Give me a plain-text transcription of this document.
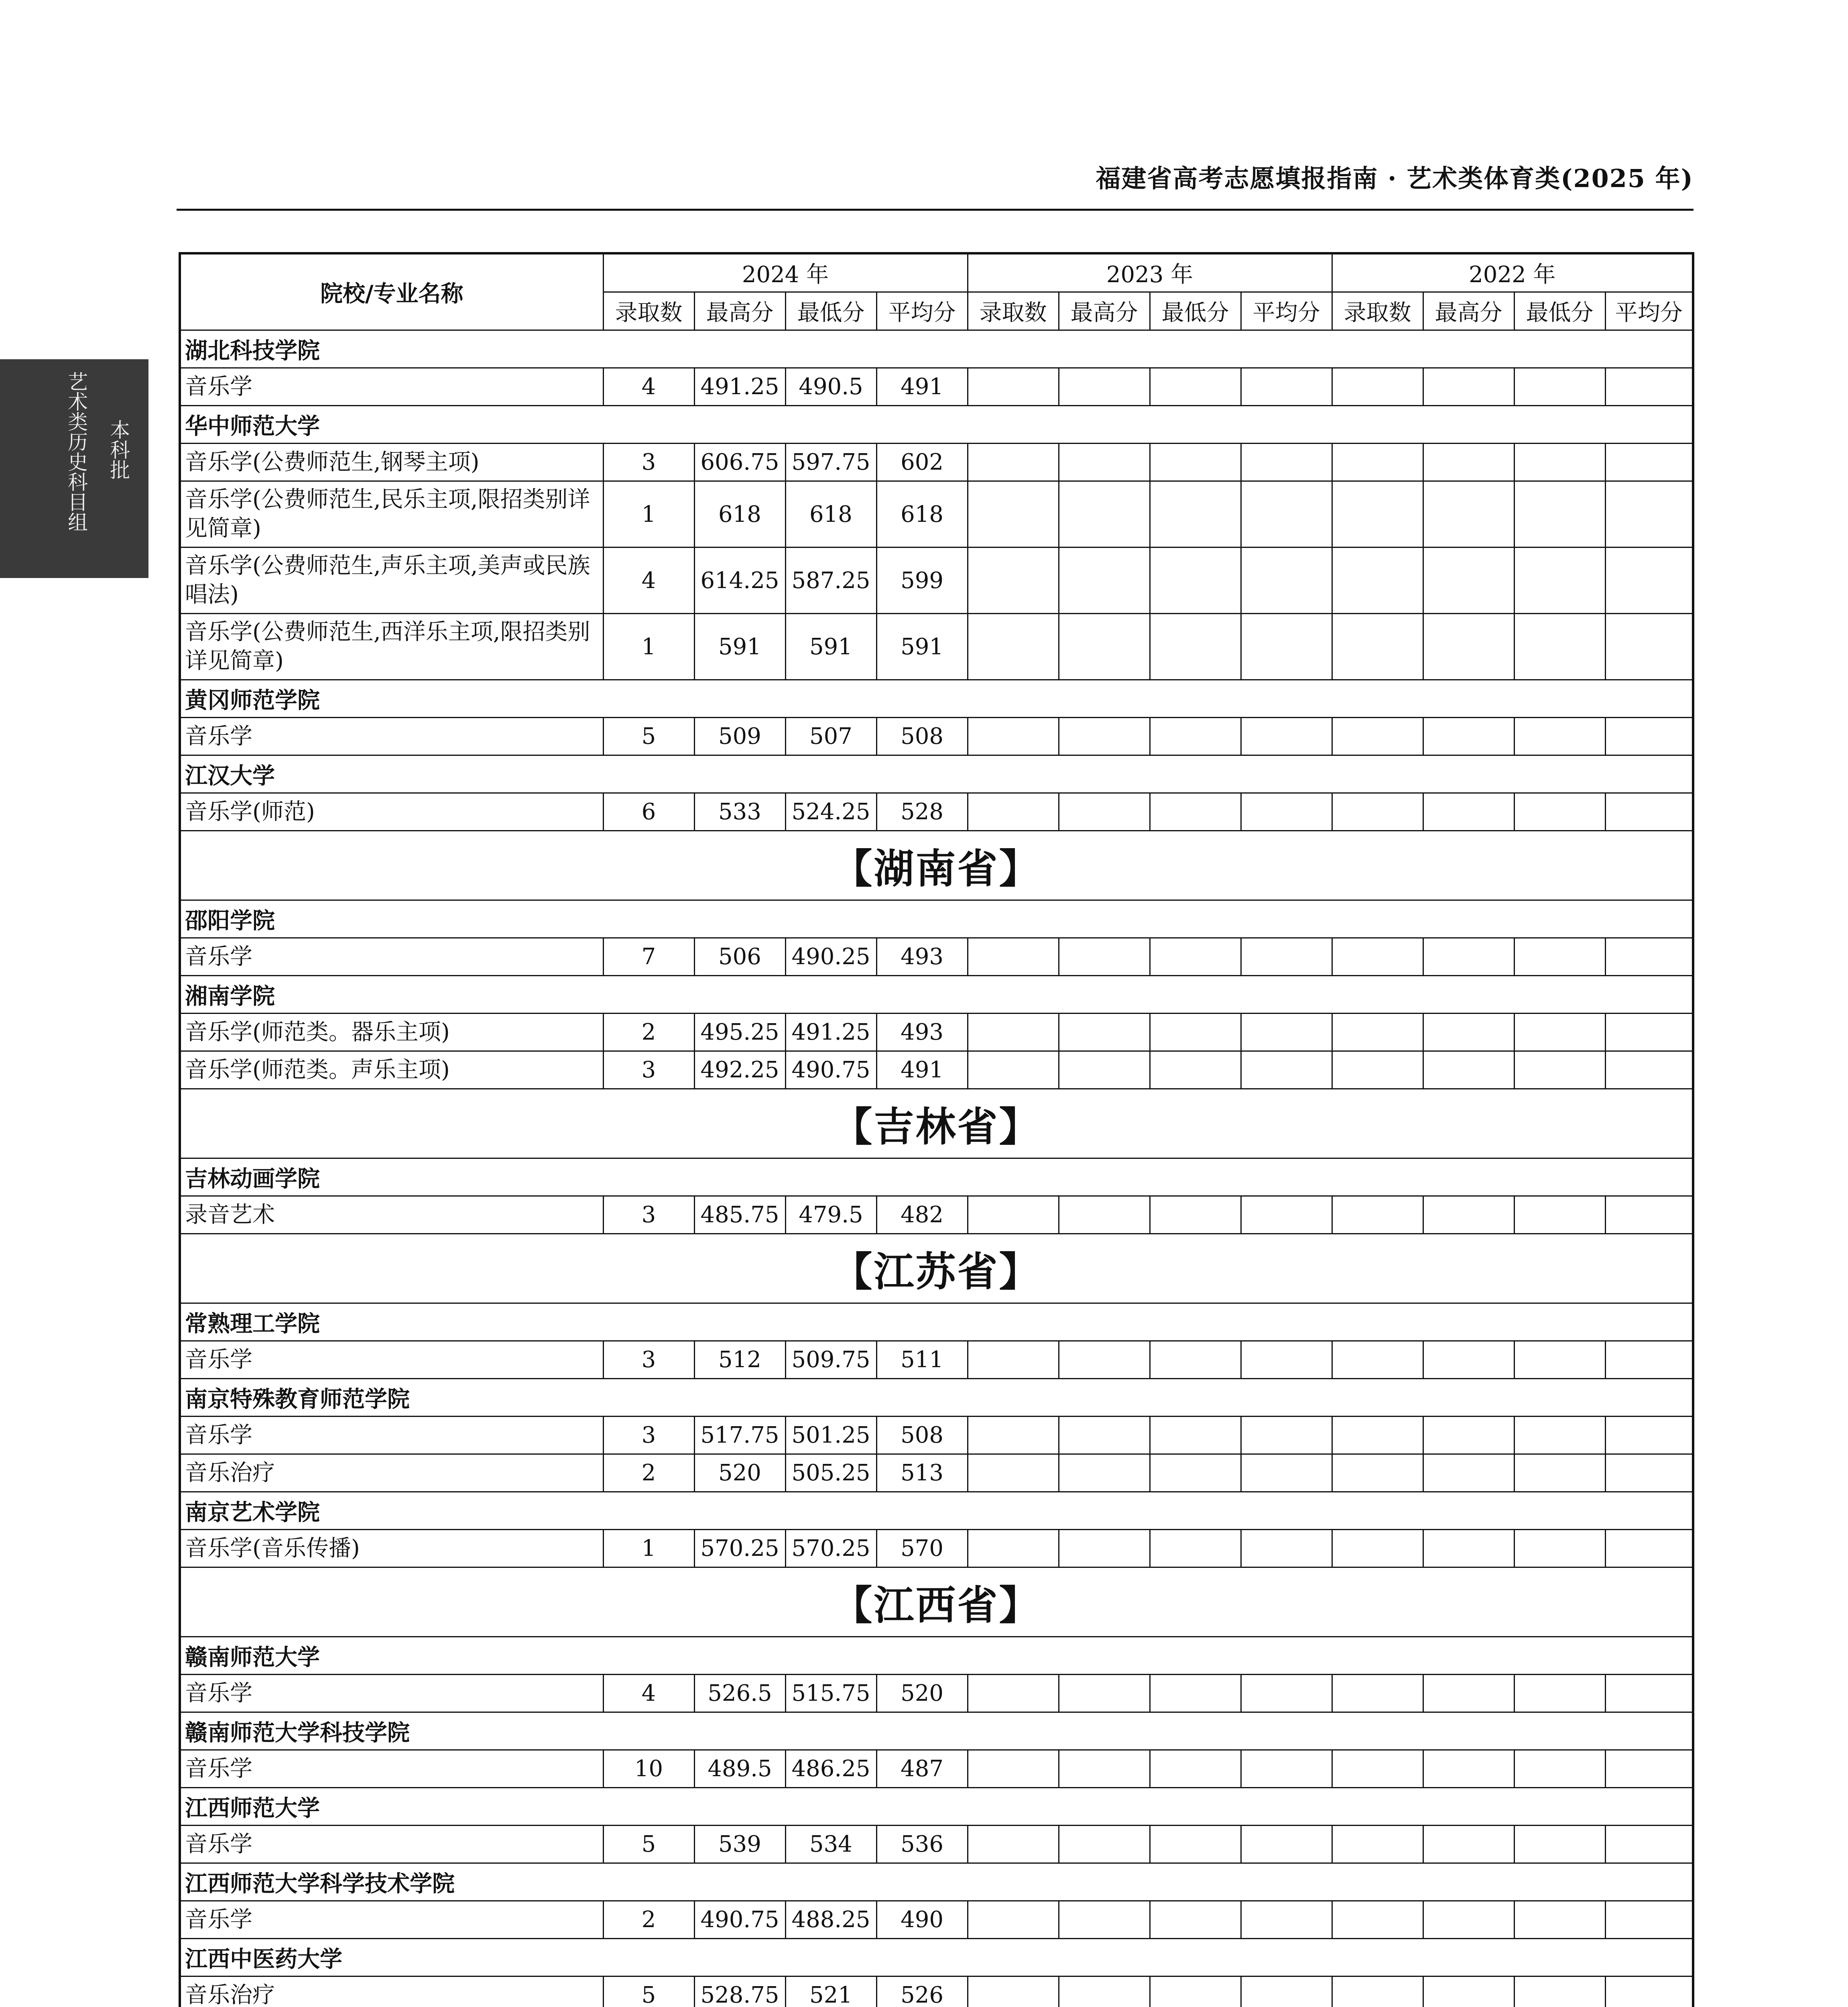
福建省高考志愿填报指南 · 艺术类体育类(2025 年)
艺术类历史科目组 本科批
院校/专业名称	2024 年				2023 年				2022 年			
	录取数	最高分	最低分	平均分	录取数	最高分	最低分	平均分	录取数	最高分	最低分	平均分
湖北科技学院												
音乐学	4	491.25	490.5	491								
华中师范大学												
音乐学(公费师范生,钢琴主项)	3	606.75	597.75	602								
音乐学(公费师范生,民乐主项,限招类别详见简章)	1	618	618	618								
音乐学(公费师范生,声乐主项,美声或民族唱法)	4	614.25	587.25	599								
音乐学(公费师范生,西洋乐主项,限招类别详见简章)	1	591	591	591								
黄冈师范学院												
音乐学	5	509	507	508								
江汉大学												
音乐学(师范)	6	533	524.25	528								
【湖南省】												
邵阳学院												
音乐学	7	506	490.25	493								
湘南学院												
音乐学(师范类。器乐主项)	2	495.25	491.25	493								
音乐学(师范类。声乐主项)	3	492.25	490.75	491								
【吉林省】												
吉林动画学院												
录音艺术	3	485.75	479.5	482								
【江苏省】												
常熟理工学院												
音乐学	3	512	509.75	511								
南京特殊教育师范学院												
音乐学	3	517.75	501.25	508								
音乐治疗	2	520	505.25	513								
南京艺术学院												
音乐学(音乐传播)	1	570.25	570.25	570								
【江西省】												
赣南师范大学												
音乐学	4	526.5	515.75	520								
赣南师范大学科技学院												
音乐学	10	489.5	486.25	487								
江西师范大学												
音乐学	5	539	534	536								
江西师范大学科学技术学院												
音乐学	2	490.75	488.25	490								
江西中医药大学												
音乐治疗	5	528.75	521	526								
